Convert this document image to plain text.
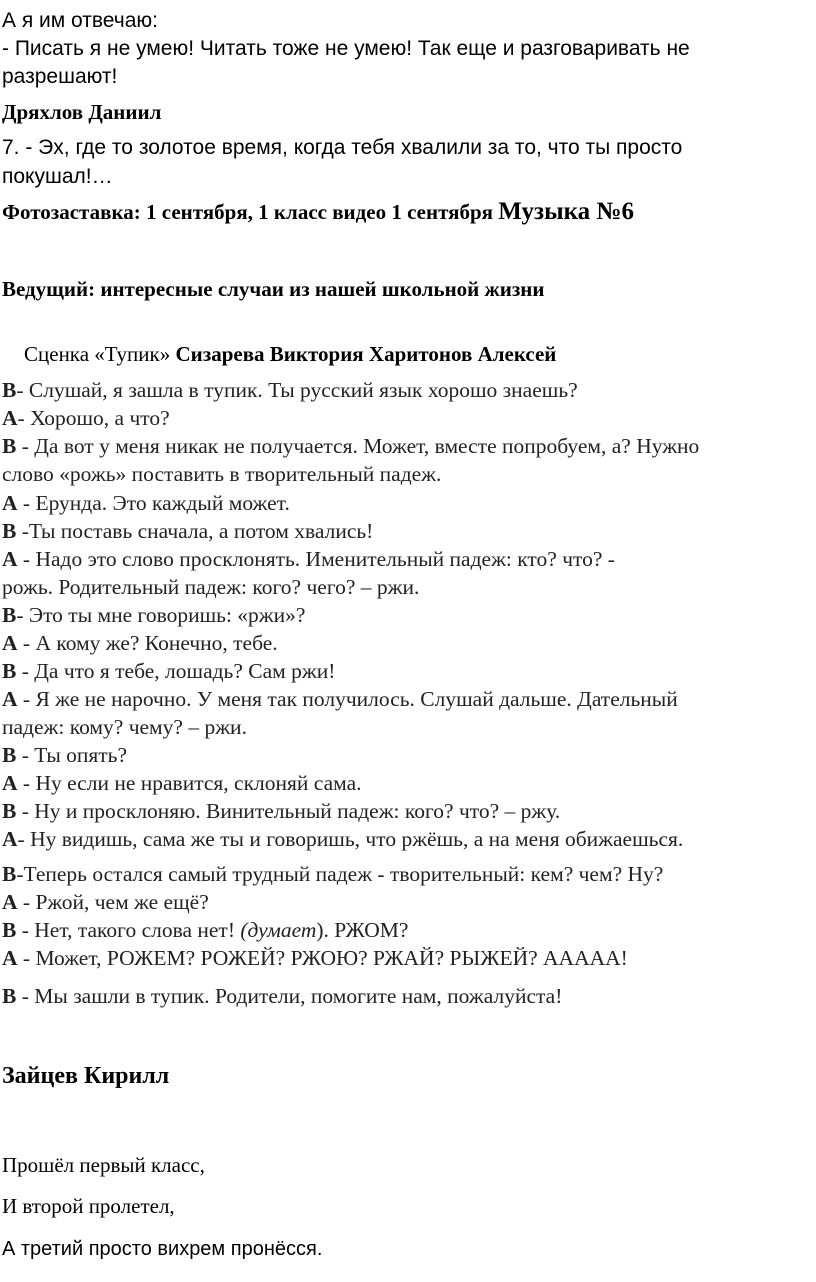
А я им отвечаю:
- Писать я не умею! Читать тоже не умею! Так еще и разговаривать не
разрешают!
Дряхлов Даниил
7. - Эх, где то золотое время, когда тебя хвалили за то, что ты просто
покушал!…
Фотозаставка: 1 сентября, 1 класс видео 1 сентября Музыка №6
Ведущий: интересные случаи из нашей школьной жизни
Сценка «Тупик» Сизарева Виктория Харитонов Алексей
В- Слушай, я зашла в тупик. Ты русский язык хорошо знаешь?
А- Хорошо, а что?
В - Да вот у меня никак не получается. Может, вместе попробуем, а? Нужно
слово «рожь» поставить в творительный падеж.
А - Ерунда. Это каждый может.
В -Ты поставь сначала, а потом хвались!
А - Надо это слово просклонять. Именительный падеж: кто? что? -
рожь. Родительный падеж: кого? чего? – ржи.
В- Это ты мне говоришь: «ржи»?
А - А кому же? Конечно, тебе.
В - Да что я тебе, лошадь? Сам ржи!
А - Я же не нарочно. У меня так получилось. Слушай дальше. Дательный
падеж: кому? чему? – ржи.
В - Ты опять?
А - Ну если не нравится, склоняй сама.
В - Ну и просклоняю. Винительный падеж: кого? что? – ржу.
А- Ну видишь, сама же ты и говоришь, что ржёшь, а на меня обижаешься.
В-Теперь остался самый трудный падеж - творительный: кем? чем? Ну?
А - Ржой, чем же ещё?
В - Нет, такого слова нет! (думает). РЖОМ?
А - Может, РОЖЕМ? РОЖЕЙ? РЖОЮ? РЖАЙ? РЫЖЕЙ? ААААА!
В - Мы зашли в тупик. Родители, помогите нам, пожалуйста!
Зайцев Кирилл
Прошёл первый класс,
И второй пролетел,
А третий просто вихрем пронёсся.
